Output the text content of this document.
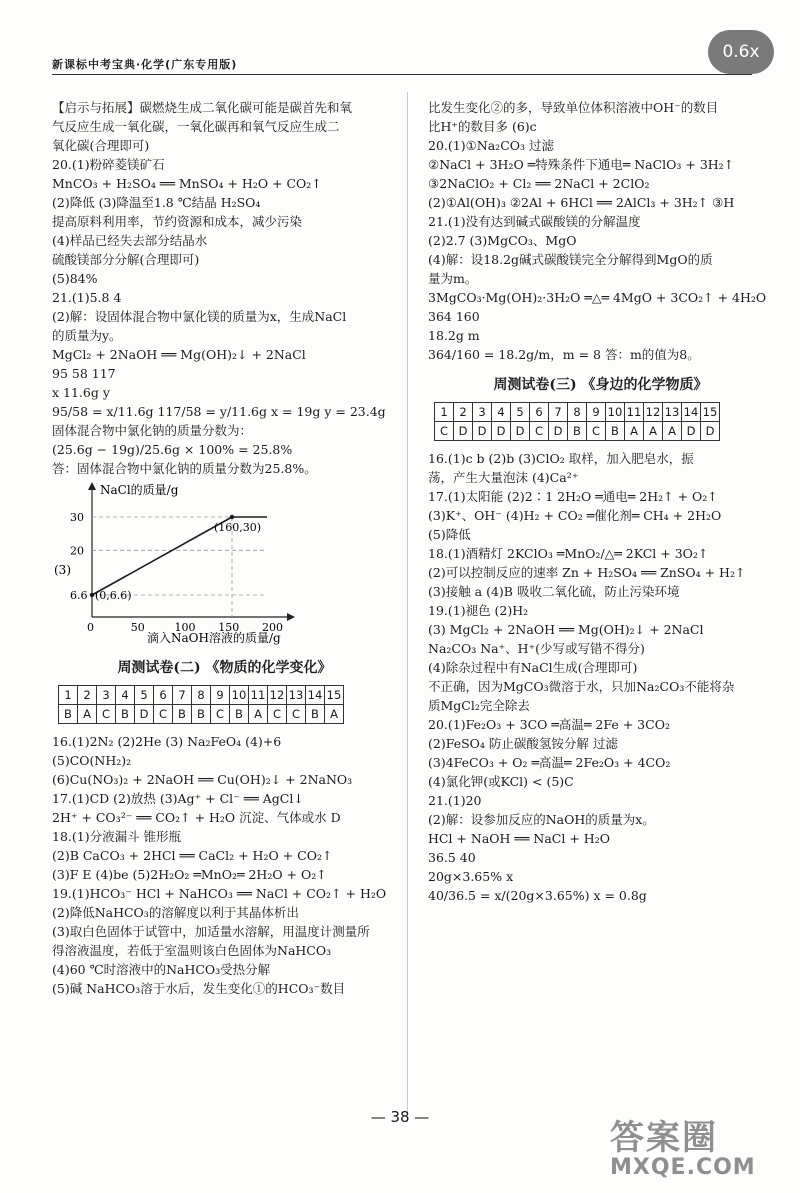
0.6x
新课标中考宝典·化学(广东专用版)
【启示与拓展】碳燃烧生成二氧化碳可能是碳首先和氧
气反应生成一氧化碳，一氧化碳再和氧气反应生成二
氧化碳(合理即可)
20.(1)粉碎菱镁矿石
MnCO₃ + H₂SO₄ ══ MnSO₄ + H₂O + CO₂↑
(2)降低 (3)降温至1.8 ℃结晶 H₂SO₄
提高原料利用率，节约资源和成本，减少污染
(4)样品已经失去部分结晶水
硫酸镁部分分解(合理即可)
(5)84%
21.(1)5.8 4
(2)解：设固体混合物中氯化镁的质量为x，生成NaCl
的质量为y。
MgCl₂ + 2NaOH ══ Mg(OH)₂↓ + 2NaCl
95 58 117
x 11.6g y
95/58 = x/11.6g 117/58 = y/11.6g x = 19g y = 23.4g
固体混合物中氯化钠的质量分数为：
(25.6g − 19g)/25.6g × 100% = 25.8%
答：固体混合物中氯化钠的质量分数为25.8%。
(3)
NaCl的质量/g
滴入NaOH溶液的质量/g
0	50	100 150 200
6.6
20
30
(160,30)
(0,6.6)
周测试卷(二) 《物质的化学变化》
1	2	3	4	5	6	7	8	9	10	11	12	13	14	15
B	A	C	B	D	C	B	B	C	B	A	C	C	B	A
16.(1)2N₂ (2)2He (3) Na₂FeO₄ (4)+6
(5)CO(NH₂)₂
(6)Cu(NO₃)₂ + 2NaOH ══ Cu(OH)₂↓ + 2NaNO₃
17.(1)CD (2)放热 (3)Ag⁺ + Cl⁻ ══ AgCl↓
2H⁺ + CO₃²⁻ ══ CO₂↑ + H₂O 沉淀、气体或水 D
18.(1)分液漏斗 锥形瓶
(2)B CaCO₃ + 2HCl ══ CaCl₂ + H₂O + CO₂↑
(3)F E (4)be (5)2H₂O₂ ═MnO₂═ 2H₂O + O₂↑
19.(1)HCO₃⁻ HCl + NaHCO₃ ══ NaCl + CO₂↑ + H₂O
(2)降低NaHCO₃的溶解度以利于其晶体析出
(3)取白色固体于试管中，加适量水溶解，用温度计测量所
得溶液温度，若低于室温则该白色固体为NaHCO₃
(4)60 ℃时溶液中的NaHCO₃受热分解
(5)碱 NaHCO₃溶于水后，发生变化①的HCO₃⁻数目
比发生变化②的多，导致单位体积溶液中OH⁻的数目
比H⁺的数目多 (6)c
20.(1)①Na₂CO₃ 过滤
②NaCl + 3H₂O ═特殊条件下通电═ NaClO₃ + 3H₂↑
③2NaClO₂ + Cl₂ ══ 2NaCl + 2ClO₂
(2)①Al(OH)₃ ②2Al + 6HCl ══ 2AlCl₃ + 3H₂↑ ③H
21.(1)没有达到碱式碳酸镁的分解温度
(2)2.7 (3)MgCO₃、MgO
(4)解：设18.2g碱式碳酸镁完全分解得到MgO的质
量为m。
3MgCO₃·Mg(OH)₂·3H₂O ═△═ 4MgO + 3CO₂↑ + 4H₂O
364 160
18.2g m
364/160 = 18.2g/m，m = 8 答：m的值为8。
周测试卷(三) 《身边的化学物质》
1	2	3	4	5	6	7	8	9	10	11	12	13	14	15
C	D	D	D	D	C	D	B	C	B	A	A	A	D	D
16.(1)c b (2)b (3)ClO₂ 取样，加入肥皂水，振
荡，产生大量泡沫 (4)Ca²⁺
17.(1)太阳能 (2)2∶1 2H₂O ═通电═ 2H₂↑ + O₂↑
(3)K⁺、OH⁻ (4)H₂ + CO₂ ═催化剂═ CH₄ + 2H₂O
(5)降低
18.(1)酒精灯 2KClO₃ ═MnO₂/△═ 2KCl + 3O₂↑
(2)可以控制反应的速率 Zn + H₂SO₄ ══ ZnSO₄ + H₂↑
(3)接触 a (4)B 吸收二氧化硫，防止污染环境
19.(1)褪色 (2)H₂
(3) MgCl₂ + 2NaOH ══ Mg(OH)₂↓ + 2NaCl
Na₂CO₃ Na⁺、H⁺(少写或写错不得分)
(4)除杂过程中有NaCl生成(合理即可)
不正确，因为MgCO₃微溶于水，只加Na₂CO₃不能将杂
质MgCl₂完全除去
20.(1)Fe₂O₃ + 3CO ═高温═ 2Fe + 3CO₂
(2)FeSO₄ 防止碳酸氢铵分解 过滤
(3)4FeCO₃ + O₂ ═高温═ 2Fe₂O₃ + 4CO₂
(4)氯化钾(或KCl) < (5)C
21.(1)20
(2)解：设参加反应的NaOH的质量为x。
HCl + NaOH ══ NaCl + H₂O
36.5 40
20g×3.65% x
40/36.5 = x/(20g×3.65%) x = 0.8g
— 38 —
答案圈
MXQE.COM
